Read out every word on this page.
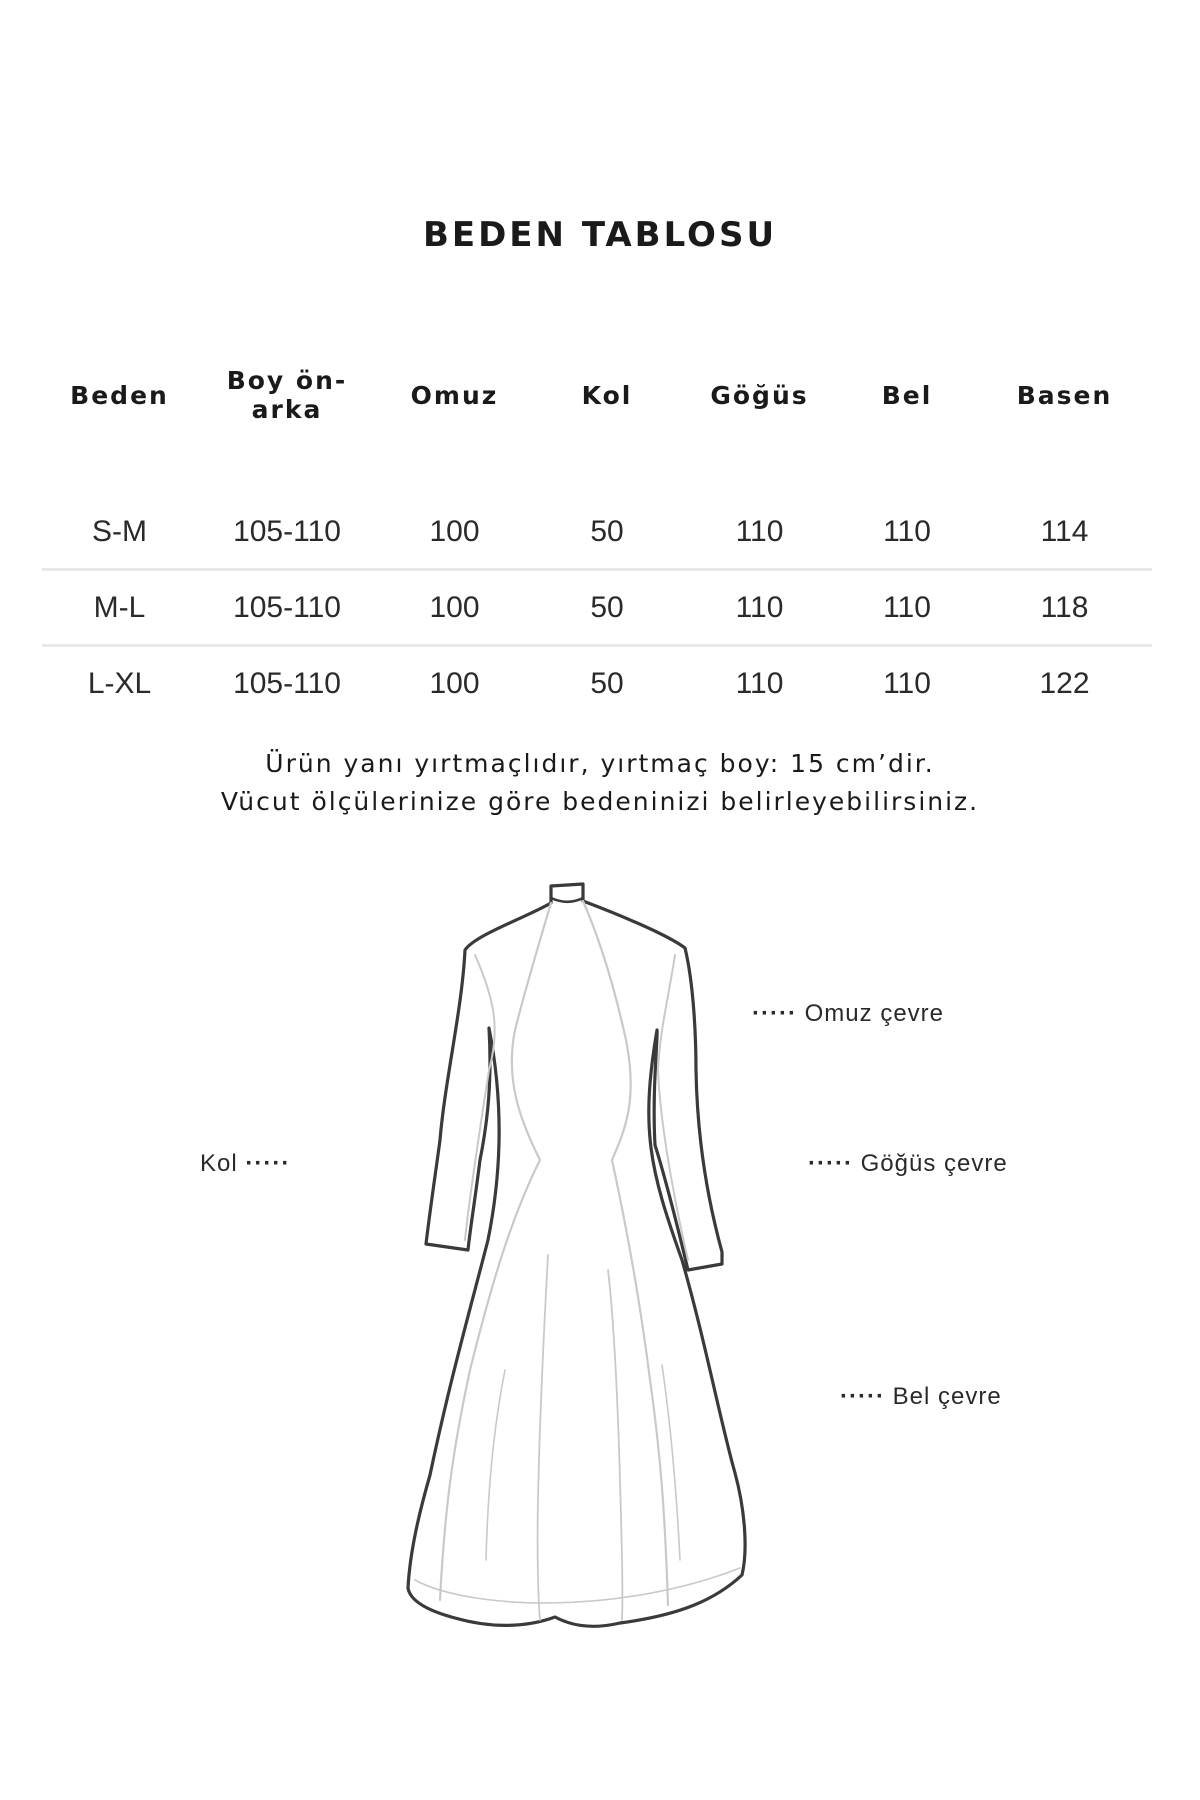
BEDEN TABLOSU
Beden	Boy ön-arka	Omuz	Kol	Göğüs	Bel	Basen
S-M	105-110	100	50	110	110	114
M-L	105-110	100	50	110	110	118
L-XL	105-110	100	50	110	110	122

Ürün yanı yırtmaçlıdır, yırtmaç boy: 15 cm’dir.

Vücut ölçülerinize göre bedeninizi belirleyebilirsiniz.

Kol ·····
····· Omuz çevre
····· Göğüs çevre
····· Bel çevre
